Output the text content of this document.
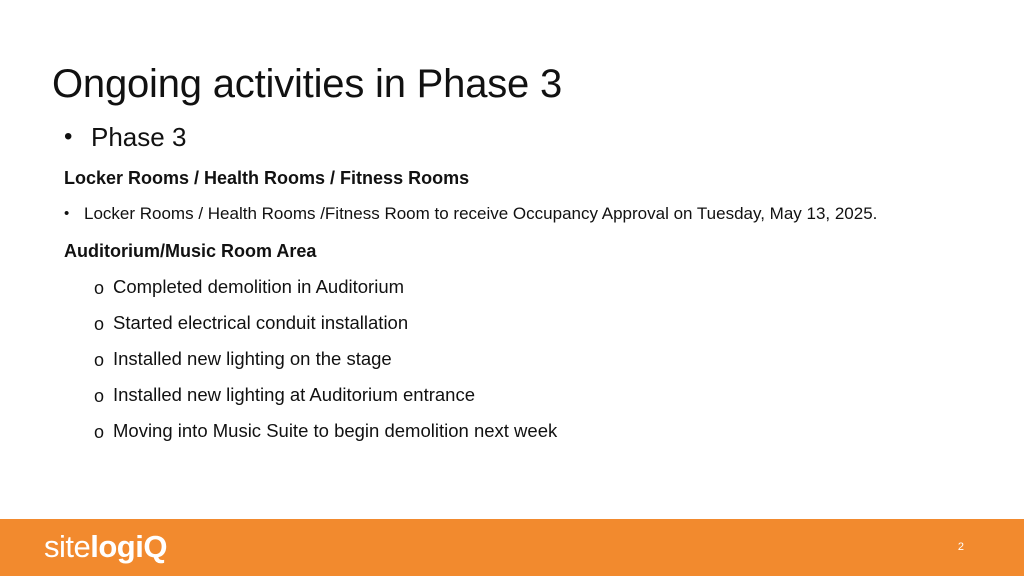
Ongoing activities in Phase 3

• Phase 3

Locker Rooms / Health Rooms / Fitness Rooms

• Locker Rooms / Health Rooms /Fitness Room to receive Occupancy Approval on Tuesday, May 13, 2025.

Auditorium/Music Room Area

o Completed demolition in Auditorium
o Started electrical conduit installation
o Installed new lighting on the stage
o Installed new lighting at Auditorium entrance
o Moving into Music Suite to begin demolition next week
sitelogiQ	2
